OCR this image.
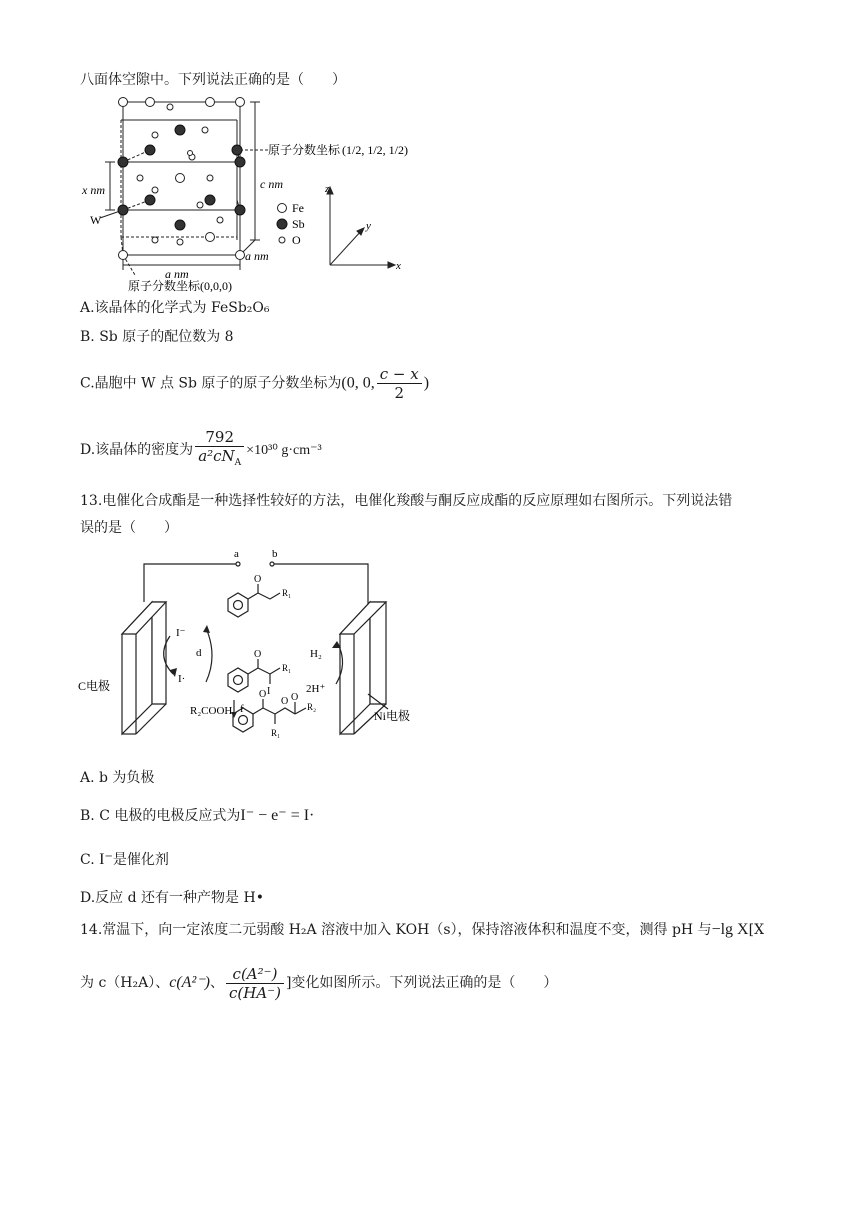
八面体空隙中。下列说法正确的是（　　）
原子分数坐标 (1/2, 1/2, 1/2)
x nm	c nm
a nm
a nm
W
原子分数坐标(0,0,0)
Fe
Sb
O
z
y
x
A.该晶体的化学式为 FeSb₂O₆
B. Sb 原子的配位数为 8
C.晶胞中 W 点 Sb 原子的原子分数坐标为(0, 0, $\frac{c - x}{2}$ )
D.该晶体的密度为 $\frac{792}{a^2cN_A} \times 10^{30}$ g·cm⁻³
13.电催化合成酯是一种选择性较好的方法，电催化羧酸与酮反应成酯的反应原理如右图所示。下列说法错
误的是（　　）
a	b
C电极
Ni电极
I⁻
I·
d
f
H₂
2H⁺
R₂COOH
R₁
R₁
R₁
R₂
O
O
O
O O
I
A. b 为负极
B. C 电极的电极反应式为I⁻ − e⁻ = I·
C. I⁻是催化剂
D.反应 d 还有一种产物是 H•
14.常温下，向一定浓度二元弱酸 H₂A 溶液中加入 KOH（s），保持溶液体积和温度不变，测得 pH 与−lg X[X
为 c（H₂A）、c(A²⁻)、 $\frac{\text{c(A²⁻)}}{c(HA^-)}$ ]变化如图所示。下列说法正确的是（　　）
